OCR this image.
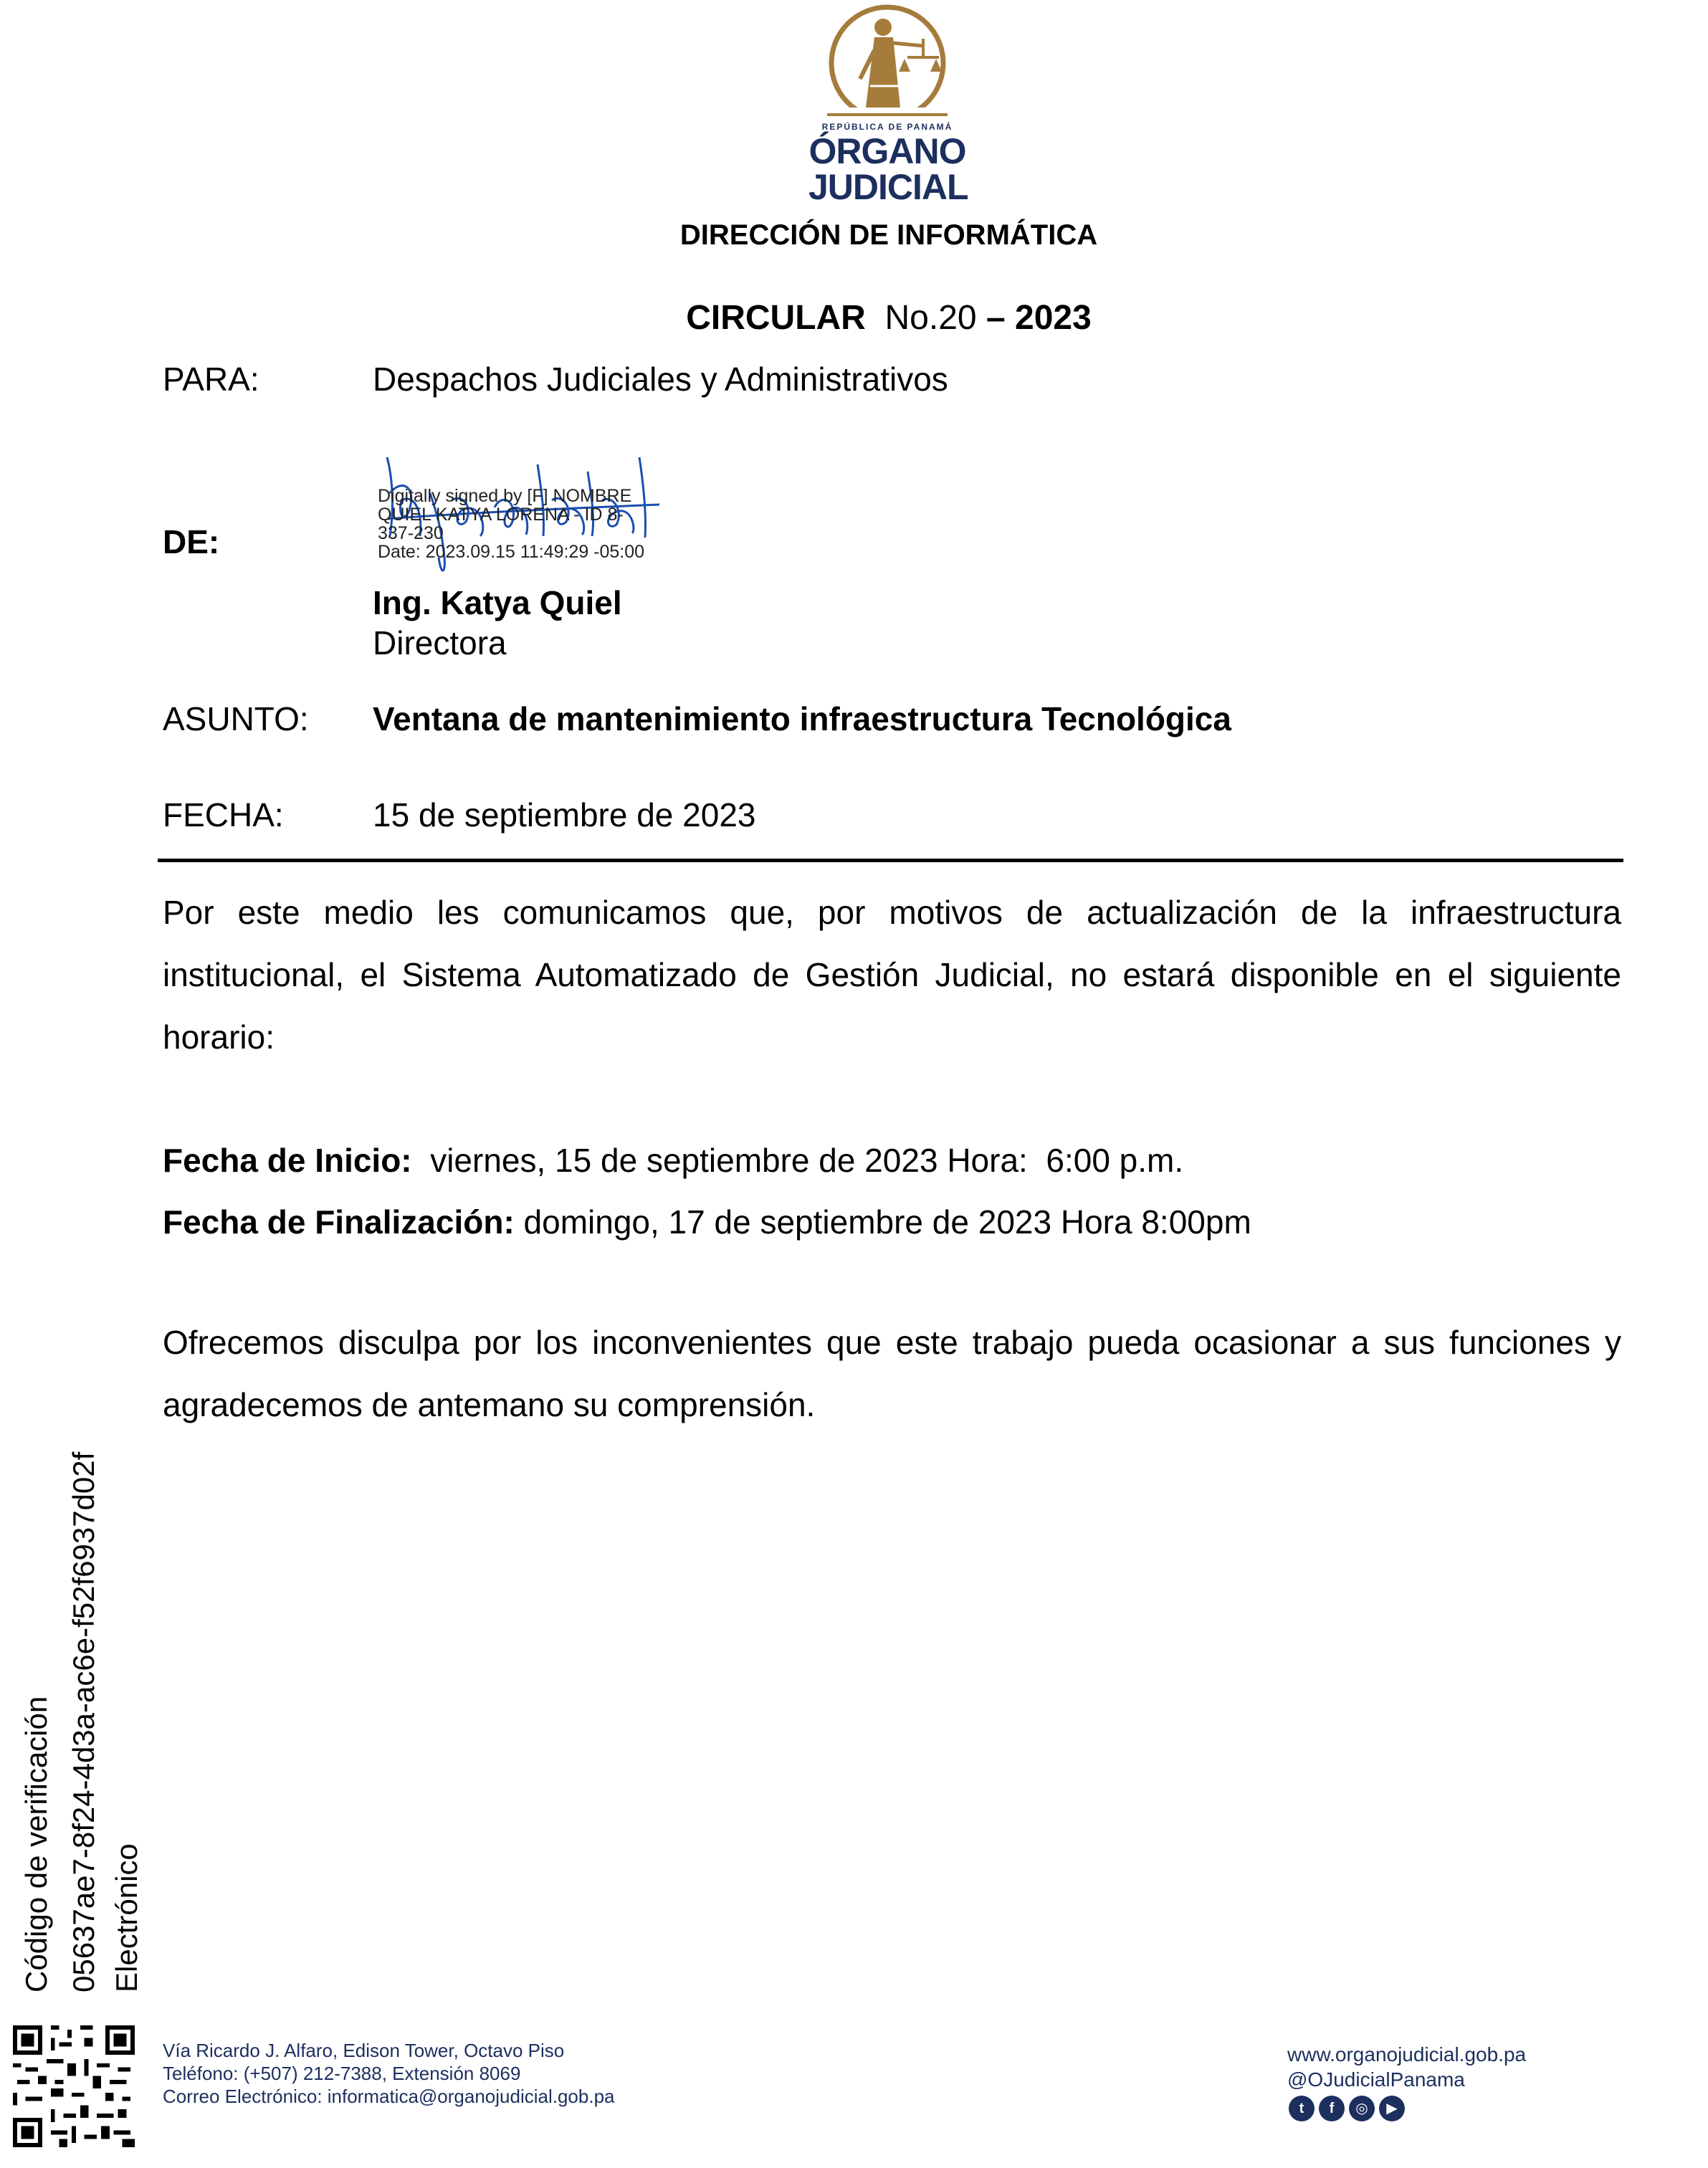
REPÚBLICA DE PANAMÁ
ÓRGANO
JUDICIAL
DIRECCIÓN DE INFORMÁTICA
CIRCULAR No.20 – 2023
PARA:	Despachos Judiciales y Administrativos
DE:
Digitally signed by [F] NOMBRE
QUIEL KATYA LORENA - ID 8-
337-230
Date: 2023.09.15 11:49:29 -05:00
Ing. Katya Quiel
Directora
ASUNTO: Ventana de mantenimiento infraestructura Tecnológica
FECHA:	15 de septiembre de 2023
Por este medio les comunicamos que, por motivos de actualización de la infraestructura institucional, el Sistema Automatizado de Gestión Judicial, no estará disponible en el siguiente horario:
Fecha de Inicio:  viernes, 15 de septiembre de 2023 Hora:  6:00 p.m.
Fecha de Finalización: domingo, 17 de septiembre de 2023 Hora 8:00pm
Ofrecemos disculpa por los inconvenientes que este trabajo pueda ocasionar a sus funciones y agradecemos de antemano su comprensión.
Código de verificación 05637ae7-8f24-4d3a-ac6e-f52f6937d02f Electrónico
Vía Ricardo J. Alfaro, Edison Tower, Octavo Piso
Teléfono: (+507) 212-7388, Extensión 8069
Correo Electrónico: informatica@organojudicial.gob.pa
www.organojudicial.gob.pa
@OJudicialPanama
t f ◎ ▶
